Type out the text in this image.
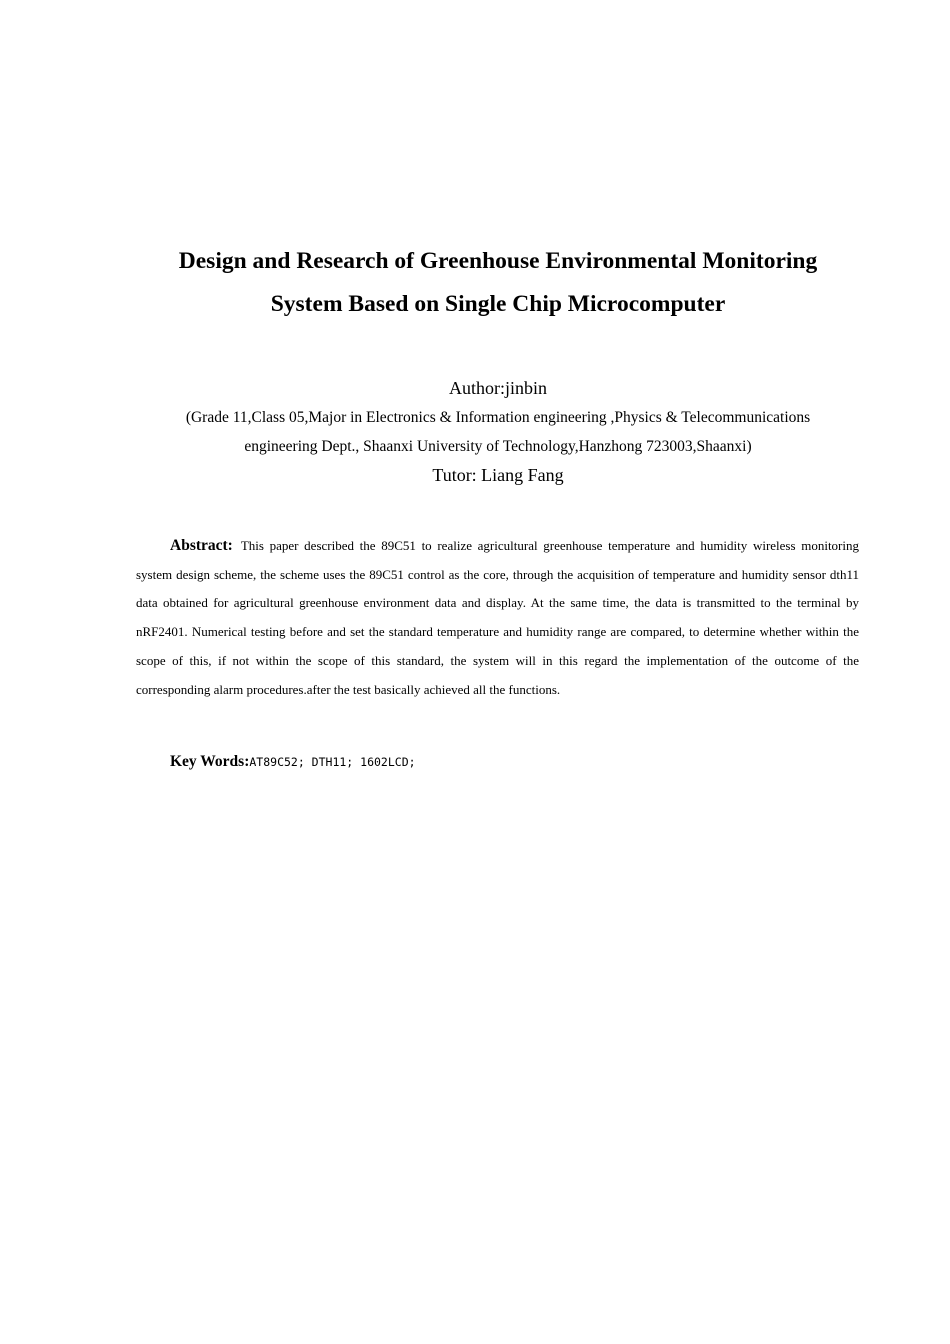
Design and Research of Greenhouse Environmental Monitoring
System Based on Single Chip Microcomputer
Author:jinbin
(Grade 11,Class 05,Major in Electronics & Information engineering ,Physics & Telecommunications
engineering Dept., Shaanxi University of Technology,Hanzhong 723003,Shaanxi)
Tutor: Liang Fang
Abstract: This paper described the 89C51 to realize agricultural greenhouse temperature and humidity wireless monitoring system design scheme, the scheme uses the 89C51 control as the core, through the acquisition of temperature and humidity sensor dth11 data obtained for agricultural greenhouse environment data and display. At the same time, the data is transmitted to the terminal by nRF2401. Numerical testing before and set the standard temperature and humidity range are compared, to determine whether within the scope of this, if not within the scope of this standard, the system will in this regard the implementation of the outcome of the corresponding alarm procedures.after the test basically achieved all the functions.
Key Words:AT89C52; DTH11; 1602LCD;
